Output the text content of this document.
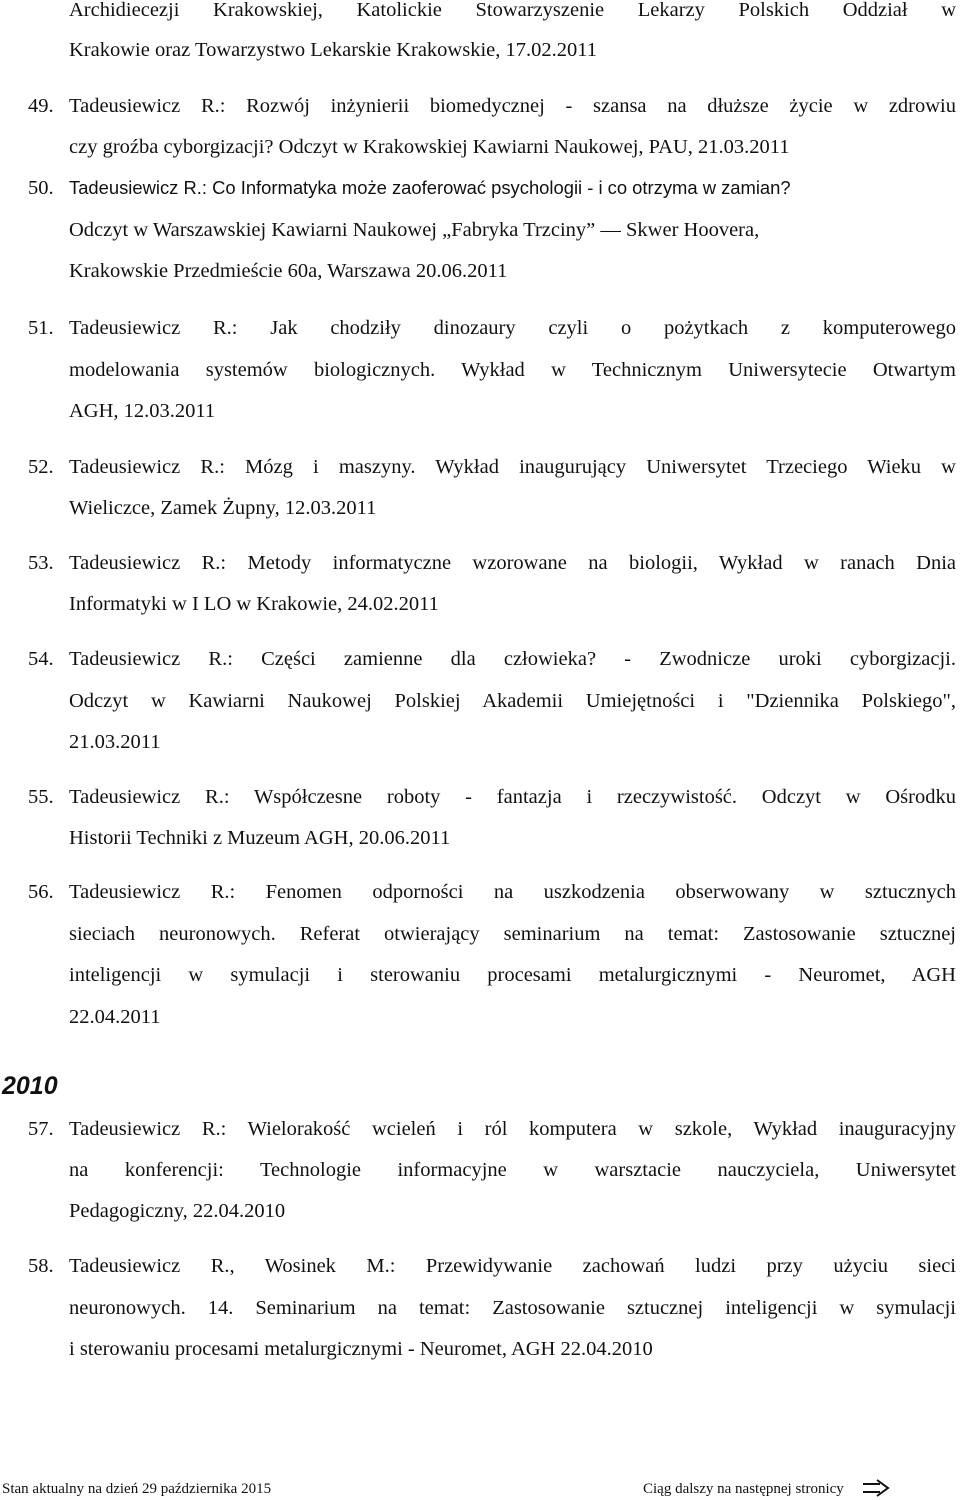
Archidiecezji Krakowskiej, Katolickie Stowarzyszenie Lekarzy Polskich Oddział w
Krakowie oraz Towarzystwo Lekarskie Krakowskie, 17.02.2011
49. Tadeusiewicz R.: Rozwój inżynierii biomedycznej - szansa na dłuższe życie w zdrowiu
czy groźba cyborgizacji? Odczyt w Krakowskiej Kawiarni Naukowej, PAU, 21.03.2011
50. Tadeusiewicz R.: Co Informatyka może zaoferować psychologii - i co otrzyma w zamian?
Odczyt w Warszawskiej Kawiarni Naukowej „Fabryka Trzciny” — Skwer Hoovera,
Krakowskie Przedmieście 60a, Warszawa 20.06.2011
51. Tadeusiewicz R.: Jak chodziły dinozaury czyli o pożytkach z komputerowego
modelowania systemów biologicznych. Wykład w Technicznym Uniwersytecie Otwartym
AGH, 12.03.2011
52. Tadeusiewicz R.: Mózg i maszyny. Wykład inaugurujący Uniwersytet Trzeciego Wieku w
Wieliczce, Zamek Żupny, 12.03.2011
53. Tadeusiewicz R.: Metody informatyczne wzorowane na biologii, Wykład w ranach Dnia
Informatyki w I LO w Krakowie, 24.02.2011
54. Tadeusiewicz R.: Części zamienne dla człowieka? - Zwodnicze uroki cyborgizacji.
Odczyt w Kawiarni Naukowej Polskiej Akademii Umiejętności i "Dziennika Polskiego",
21.03.2011
55. Tadeusiewicz R.: Współczesne roboty - fantazja i rzeczywistość. Odczyt w Ośrodku
Historii Techniki z Muzeum AGH, 20.06.2011
56. Tadeusiewicz R.: Fenomen odporności na uszkodzenia obserwowany w sztucznych
sieciach neuronowych. Referat otwierający seminarium na temat: Zastosowanie sztucznej
inteligencji w symulacji i sterowaniu procesami metalurgicznymi - Neuromet, AGH
22.04.2011
2010
57. Tadeusiewicz R.: Wielorakość wcieleń i ról komputera w szkole, Wykład inauguracyjny
na konferencji: Technologie informacyjne w warsztacie nauczyciela, Uniwersytet
Pedagogiczny, 22.04.2010
58. Tadeusiewicz R., Wosinek M.: Przewidywanie zachowań ludzi przy użyciu sieci
neuronowych. 14. Seminarium na temat: Zastosowanie sztucznej inteligencji w symulacji
i sterowaniu procesami metalurgicznymi - Neuromet, AGH 22.04.2010
Stan aktualny na dzień 29 października 2015	Ciąg dalszy na następnej stronicy
